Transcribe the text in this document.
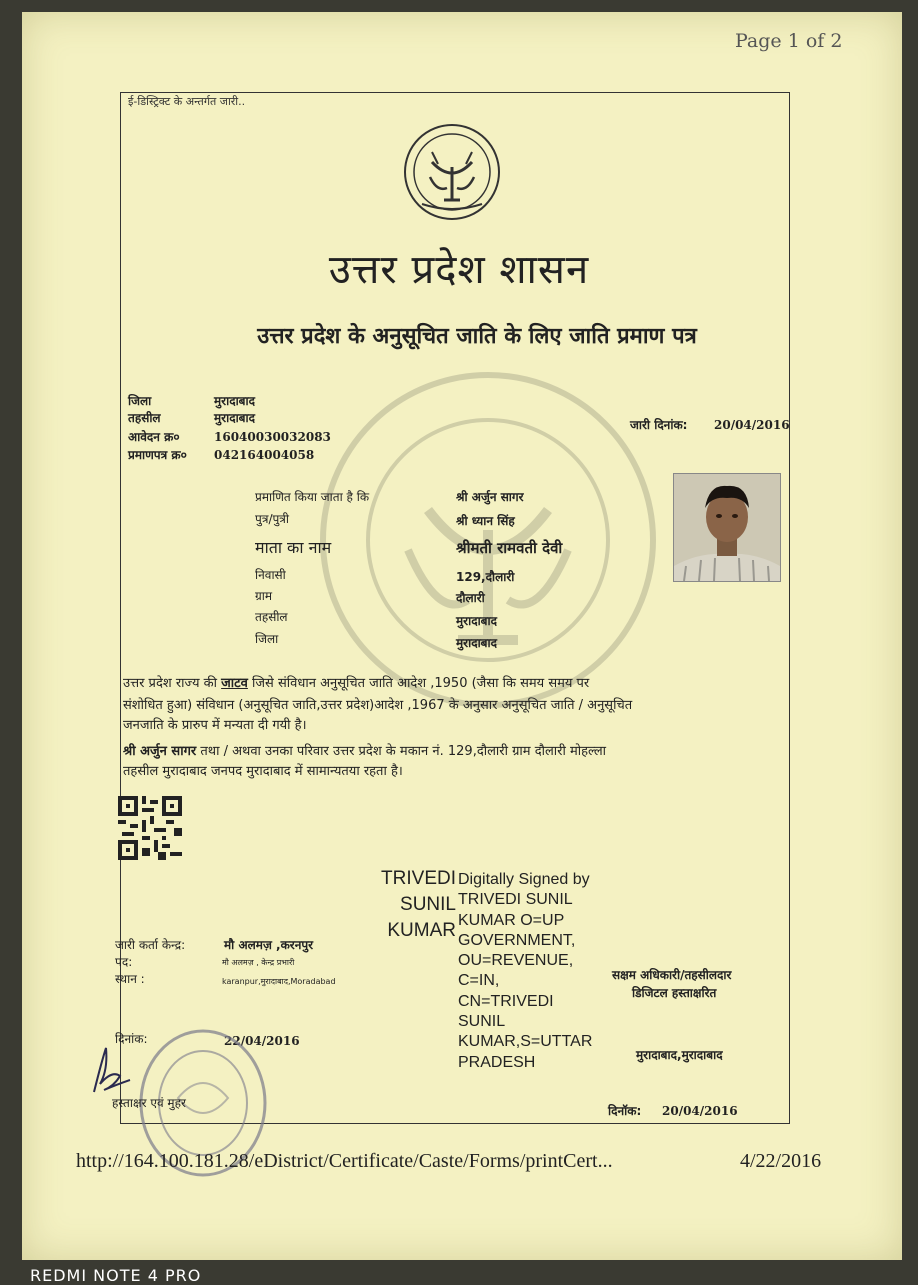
Page 1 of 2
ई-डिस्ट्रिक्ट के अन्तर्गत जारी..
उत्तर प्रदेश शासन
उत्तर प्रदेश के अनुसूचित जाति के लिए जाति प्रमाण पत्र
जिला	मुरादाबाद
तहसील	मुरादाबाद
आवेदन क्र०	16040030032083
प्रमाणपत्र क्र० 042164004058
जारी दिनांक: 20/04/2016
प्रमाणित किया जाता है कि	श्री अर्जुन सागर
पुत्र/पुत्री	श्री ध्यान सिंह
माता का नाम	श्रीमती रामवती देवी
निवासी	129,दौलारी
ग्राम	दौलारी
तहसील	मुरादाबाद
जिला	मुरादाबाद
उत्तर प्रदेश राज्य की जाटव जिसे संविधान अनुसूचित जाति आदेश ,1950 (जैसा कि समय समय पर
संशोधित हुआ) संविधान (अनुसूचित जाति,उत्तर प्रदेश)आदेश ,1967 के अनुसार अनुसूचित जाति / अनुसूचित
जनजाति के प्रारुप में मन्यता दी गयी है।
श्री अर्जुन सागर तथा / अथवा उनका परिवार उत्तर प्रदेश के मकान नं. 129,दौलारी ग्राम दौलारी मोहल्ला
तहसील मुरादाबाद जनपद मुरादाबाद में सामान्यतया रहता है।
TRIVEDI
SUNIL
KUMAR
Digitally Signed by
TRIVEDI SUNIL
KUMAR O=UP
GOVERNMENT,
OU=REVENUE,
C=IN,
CN=TRIVEDI
SUNIL
KUMAR,S=UTTAR
PRADESH
जारी कर्ता केन्द्र:	मौ अलमज़ ,करनपुर
पद:	मौ अलमज़ , केन्द्र प्रभारी
स्थान :	karanpur,मुरादाबाद,Moradabad
दिनांक:	22/04/2016
हस्ताक्षर एवं मुहर
सक्षम अधिकारी/तहसीलदार
डिजिटल हस्ताक्षरित
मुरादाबाद,मुरादाबाद
दिनॉक: 20/04/2016
http://164.100.181.28/eDistrict/Certificate/Caste/Forms/printCert...	4/22/2016
REDMI NOTE 4 PRO
